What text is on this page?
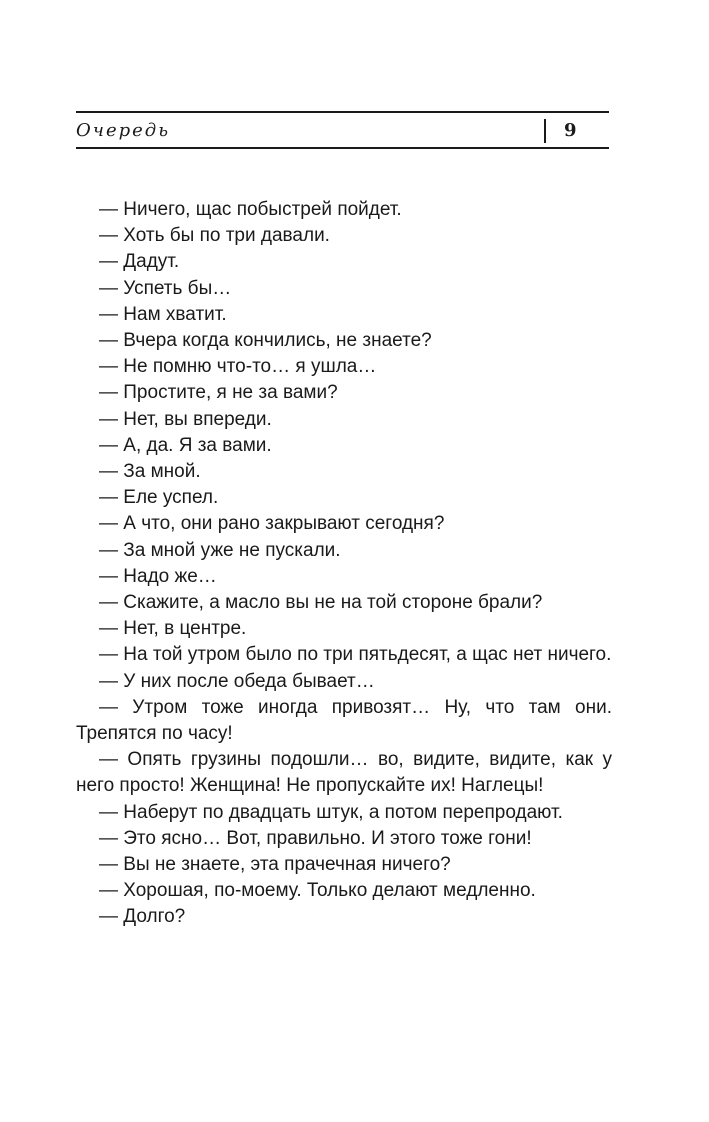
Очередь	9

— Ничего, щас побыстрей пойдет.

— Хоть бы по три давали.

— Дадут.

— Успеть бы…

— Нам хватит.

— Вчера когда кончились, не знаете?

— Не помню что-то… я ушла…

— Простите, я не за вами?

— Нет, вы впереди.

— А, да. Я за вами.

— За мной.

— Еле успел.

— А что, они рано закрывают сегодня?

— За мной уже не пускали.

— Надо же…

— Скажите, а масло вы не на той стороне брали?

— Нет, в центре.

— На той утром было по три пятьдесят, а щас нет ничего.

— У них после обеда бывает…

— Утром тоже иногда привозят… Ну, что там они. Трепятся по часу!

— Опять грузины подошли… во, видите, видите, как у него просто! Женщина! Не пропускайте их! Наглецы!

— Наберут по двадцать штук, а потом перепродают.

— Это ясно… Вот, правильно. И этого тоже гони!

— Вы не знаете, эта прачечная ничего?

— Хорошая, по-моему. Только делают медленно.

— Долго?
